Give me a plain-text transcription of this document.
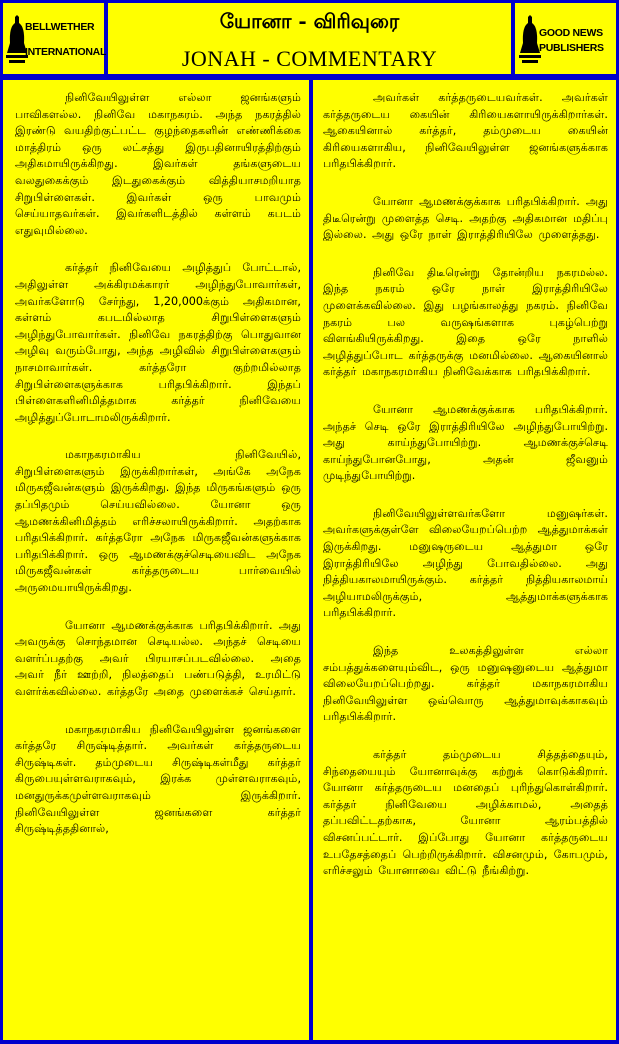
BELLWETHER
INTERNATIONAL
யோனா - விரிவுரை
JONAH - COMMENTARY
GOOD NEWS
PUBLISHERS

நினிவேயிலுள்ள எல்லா ஜனங்களும் பாவிகளல்ல. நினிவே மகாநகரம். அந்த நகரத்தில் இரண்டு வயதிற்குட்பட்ட குழந்தைகளின் எண்ணிக்கை மாத்திரம் ஒரு லட்சத்து இருபதினாயிரத்திற்கும் அதிகமாயிருக்கிறது. இவர்கள் தங்களுடைய வலதுகைக்கும் இடதுகைக்கும் வித்தியாசமறியாத சிறுபிள்ளைகள். இவர்கள் ஒரு பாவமும் செய்யாதவர்கள். இவர்களிடத்தில் கள்ளம் கபடம் எதுவுமில்லை.

கர்த்தர் நினிவேயை அழித்துப் போட்டால், அதிலுள்ள அக்கிரமக்காரர் அழிந்துபோவார்கள், அவர்களோடு சேர்ந்து, 1,20,000க்கும் அதிகமான, கள்ளம் கபடமில்லாத சிறுபிள்ளைகளும் அழிந்துபோவார்கள். நினிவே நகரத்திற்கு பொதுவான அழிவு வரும்போது, அந்த அழிவில் சிறுபிள்ளைகளும் நாசமாவார்கள். கர்த்தரோ குற்றமில்லாத சிறுபிள்ளைகளுக்காக பரிதபிக்கிறார். இந்தப் பிள்ளைகளினிமித்தமாக கர்த்தர் நினிவேயை அழித்துப்போடாமலிருக்கிறார்.

மகாநகரமாகிய நினிவேயில், சிறுபிள்ளைகளும் இருக்கிறார்கள், அங்கே அநேக மிருகஜீவன்களும் இருக்கிறது. இந்த மிருகங்களும் ஒரு தப்பிதமும் செய்யவில்லை. யோனா ஒரு ஆமணக்கினிமித்தம் எரிச்சலாயிருக்கிறார். அதற்காக பரிதபிக்கிறார். கர்த்தரோ அநேக மிருகஜீவன்களுக்காக பரிதபிக்கிறார். ஒரு ஆமணக்குச்செடியைவிட அநேக மிருகஜீவன்கள் கர்த்தருடைய பார்வையில் அருமையாயிருக்கிறது.

யோனா ஆமணக்குக்காக பரிதபிக்கிறார். அது அவருக்கு சொந்தமான செடியல்ல. அந்தச் செடியை வளர்ப்பதற்கு அவர் பிரயாசப்படவில்லை. அதை அவர் நீர் ஊற்றி, நிலத்தைப் பண்படுத்தி, உரமிட்டு வளர்க்கவில்லை. கர்த்தரே அதை முளைக்கச் செய்தார்.

மகாநகரமாகிய நினிவேயிலுள்ள ஜனங்களை கர்த்தரே சிருஷ்டித்தார். அவர்கள் கர்த்தருடைய சிருஷ்டிகள். தம்முடைய சிருஷ்டிகள்மீது கர்த்தர் கிருபையுள்ளவராகவும், இரக்க முள்ளவராகவும், மனதுருக்கமுள்ளவராகவும் இருக்கிறார். நினிவேயிலுள்ள ஜனங்களை கர்த்தர் சிருஷ்டித்ததினால்,

அவர்கள் கர்த்தருடையவர்கள். அவர்கள் கர்த்தருடைய கையின் கிரியைகளாயிருக்கிறார்கள். ஆகையினால் கர்த்தர், தம்முடைய கையின் கிரியைகளாகிய, நினிவேயிலுள்ள ஜனங்களுக்காக பரிதபிக்கிறார்.

யோனா ஆமணக்குக்காக பரிதபிக்கிறார். அது திடீரென்று முளைத்த செடி. அதற்கு அதிகமான மதிப்பு இல்லை. அது ஒரே நாள் இராத்திரியிலே முளைத்தது.

நினிவே திடீரென்று தோன்றிய நகரமல்ல. இந்த நகரம் ஒரே நாள் இராத்திரியிலே முளைக்கவில்லை. இது பழங்காலத்து நகரம். நினிவே நகரம் பல வருஷங்களாக புகழ்பெற்று விளங்கியிருக்கிறது. இதை ஒரே நாளில் அழித்துப்போட கர்த்தருக்கு மனமில்லை. ஆகையினால் கர்த்தர் மகாநகரமாகிய நினிவேக்காக பரிதபிக்கிறார்.

யோனா ஆமணக்குக்காக பரிதபிக்கிறார். அந்தச் செடி ஒரே இராத்திரியிலே அழிந்துபோயிற்று. அது காய்ந்துபோயிற்று. ஆமணக்குச்செடி காய்ந்துபோனபோது, அதன் ஜீவனும் முடிந்துபோயிற்று.

நினிவேயிலுள்ளவர்களோ மனுஷர்கள். அவர்களுக்குள்ளே விலையேறப்பெற்ற ஆத்துமாக்கள் இருக்கிறது. மனுஷருடைய ஆத்துமா ஒரே இராத்திரியிலே அழிந்து போவதில்லை. அது நித்தியகாலமாயிருக்கும். கர்த்தர் நித்தியகாலமாய் அழியாமலிருக்கும், ஆத்துமாக்களுக்காக பரிதபிக்கிறார்.

இந்த உலகத்திலுள்ள எல்லா சம்பத்துக்களையும்விட, ஒரு மனுஷனுடைய ஆத்துமா விலையேறப்பெற்றது. கர்த்தர் மகாநகரமாகிய நினிவேயிலுள்ள ஒவ்வொரு ஆத்துமாவுக்காகவும் பரிதபிக்கிறார்.

கர்த்தர் தம்முடைய சித்தத்தையும், சிந்தையையும் யோனாவுக்கு கற்றுக் கொடுக்கிறார். யோனா கர்த்தருடைய மனதைப் புரிந்துகொள்கிறார். கர்த்தர் நினிவேயை அழிக்காமல், அதைத் தப்பவிட்டதற்காக, யோனா ஆரம்பத்தில் விசனப்பட்டார். இப்போது யோனா கர்த்தருடைய உபதேசத்தைப் பெற்றிருக்கிறார். விசனமும், கோபமும், எரிச்சலும் யோனாவை விட்டு நீங்கிற்று.
